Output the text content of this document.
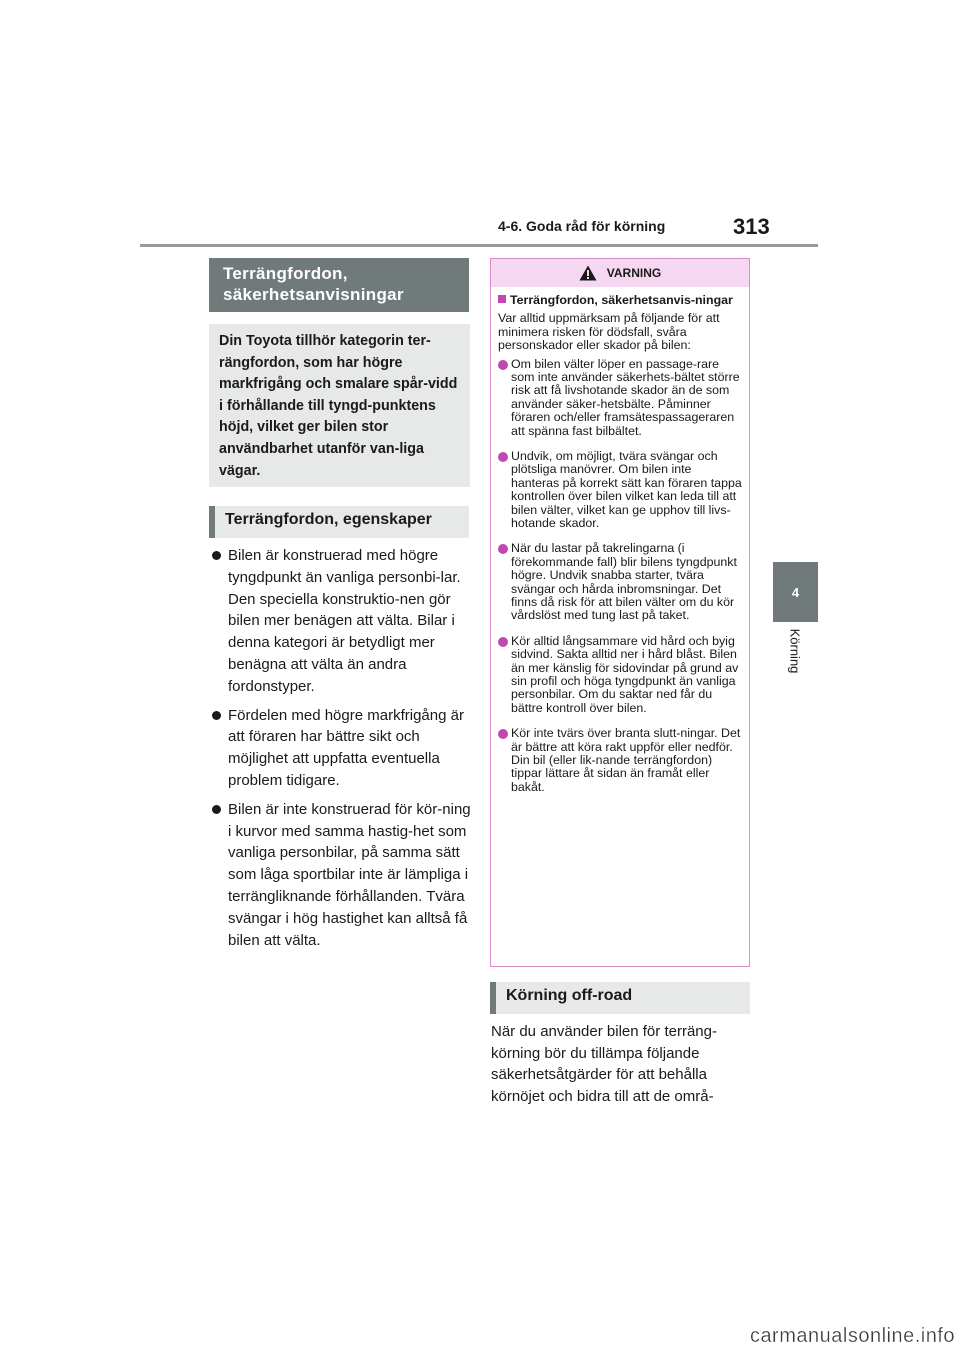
4-6. Goda råd för körning	313
4
Körning
Terrängfordon, säkerhetsanvisningar
Din Toyota tillhör kategorin ter-rängfordon, som har högre markfrigång och smalare spår-vidd i förhållande till tyngd-punktens höjd, vilket ger bilen stor användbarhet utanför van-liga vägar.
Terrängfordon, egenskaper
Bilen är konstruerad med högre tyngdpunkt än vanliga personbi-lar. Den speciella konstruktio-nen gör bilen mer benägen att välta. Bilar i denna kategori är betydligt mer benägna att välta än andra fordonstyper.
Fördelen med högre markfrigång är att föraren har bättre sikt och möjlighet att uppfatta eventuella problem tidigare.
Bilen är inte konstruerad för kör-ning i kurvor med samma hastig-het som vanliga personbilar, på samma sätt som låga sportbilar inte är lämpliga i terrängliknande förhållanden. Tvära svängar i hög hastighet kan alltså få bilen att välta.
VARNING
Terrängfordon, säkerhetsanvis-ningar
Var alltid uppmärksam på följande för att minimera risken för dödsfall, svåra personskador eller skador på bilen:
Om bilen välter löper en passage-rare som inte använder säkerhets-bältet större risk att få livshotande skador än de som använder säker-hetsbälte. Påminner föraren och/eller framsätespassageraren att spänna fast bilbältet.
Undvik, om möjligt, tvära svängar och plötsliga manövrer. Om bilen inte hanteras på korrekt sätt kan föraren tappa kontrollen över bilen vilket kan leda till att bilen välter, vilket kan ge upphov till livs-hotande skador.
När du lastar på takrelingarna (i förekommande fall) blir bilens tyngdpunkt högre. Undvik snabba starter, tvära svängar och hårda inbromsningar. Det finns då risk för att bilen välter om du kör vårdslöst med tung last på taket.
Kör alltid långsammare vid hård och byig sidvind. Sakta alltid ner i hård blåst. Bilen än mer känslig för sidovindar på grund av sin profil och höga tyngdpunkt än vanliga personbilar. Om du saktar ned får du bättre kontroll över bilen.
Kör inte tvärs över branta slutt-ningar. Det är bättre att köra rakt uppför eller nedför. Din bil (eller lik-nande terrängfordon) tippar lättare åt sidan än framåt eller bakåt.
Körning off-road

När du använder bilen för terräng-körning bör du tillämpa följande säkerhetsåtgärder för att behålla körnöjet och bidra till att de områ-

carmanualsonline.info
